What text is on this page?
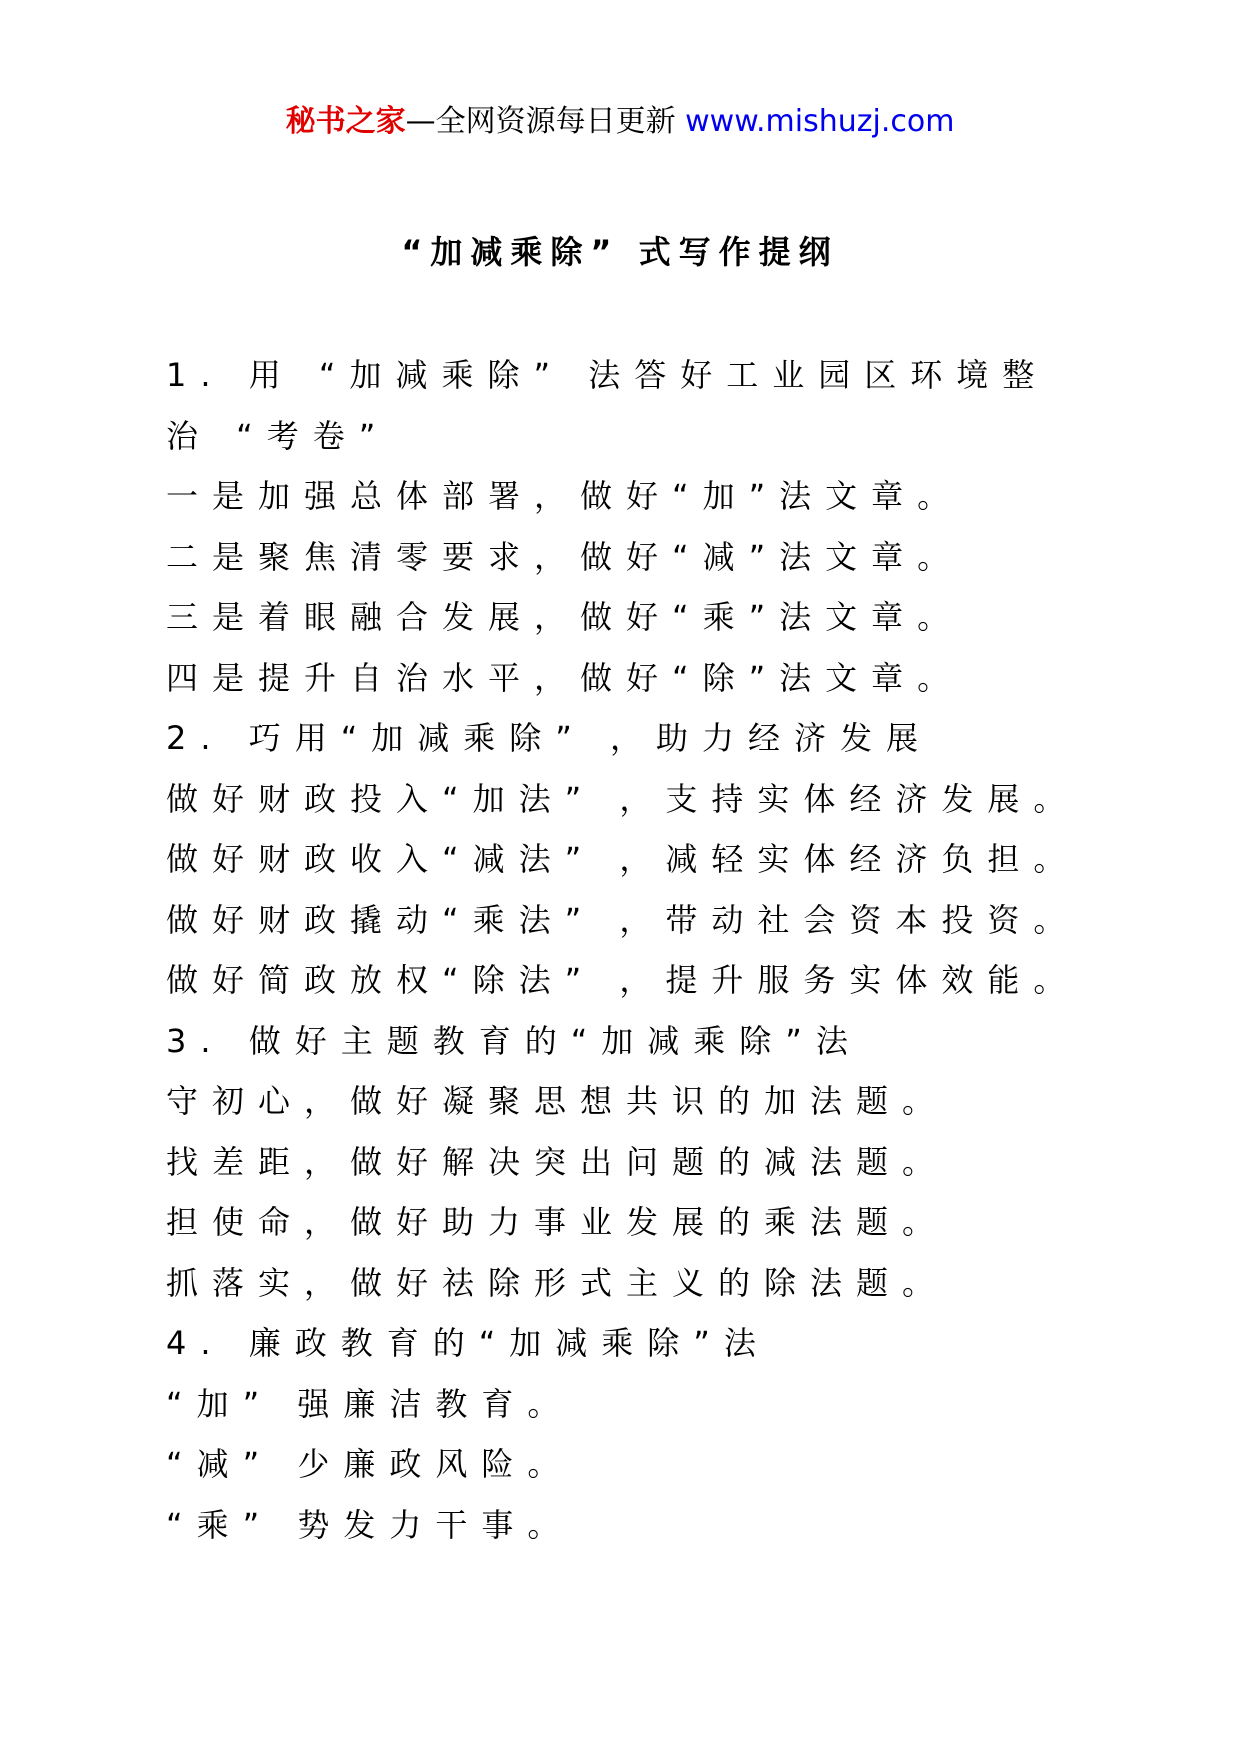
秘书之家—全网资源每日更新 www.mishuzj.com
“加减乘除” 式写作提纲
1. 用 “加减乘除” 法答好工业园区环境整治 “考卷”
一是加强总体部署，做好“加”法文章。
二是聚焦清零要求，做好“减”法文章。
三是着眼融合发展，做好“乘”法文章。
四是提升自治水平，做好“除”法文章。
2. 巧用“加减乘除” ，助力经济发展
做好财政投入“加法” ，支持实体经济发展。
做好财政收入“减法” ，减轻实体经济负担。
做好财政撬动“乘法” ，带动社会资本投资。
做好简政放权“除法” ，提升服务实体效能。
3. 做好主题教育的“加减乘除”法
守初心，做好凝聚思想共识的加法题。
找差距，做好解决突出问题的减法题。
担使命，做好助力事业发展的乘法题。
抓落实，做好祛除形式主义的除法题。
4. 廉政教育的“加减乘除”法
“加” 强廉洁教育。
“减” 少廉政风险。
“乘” 势发力干事。
